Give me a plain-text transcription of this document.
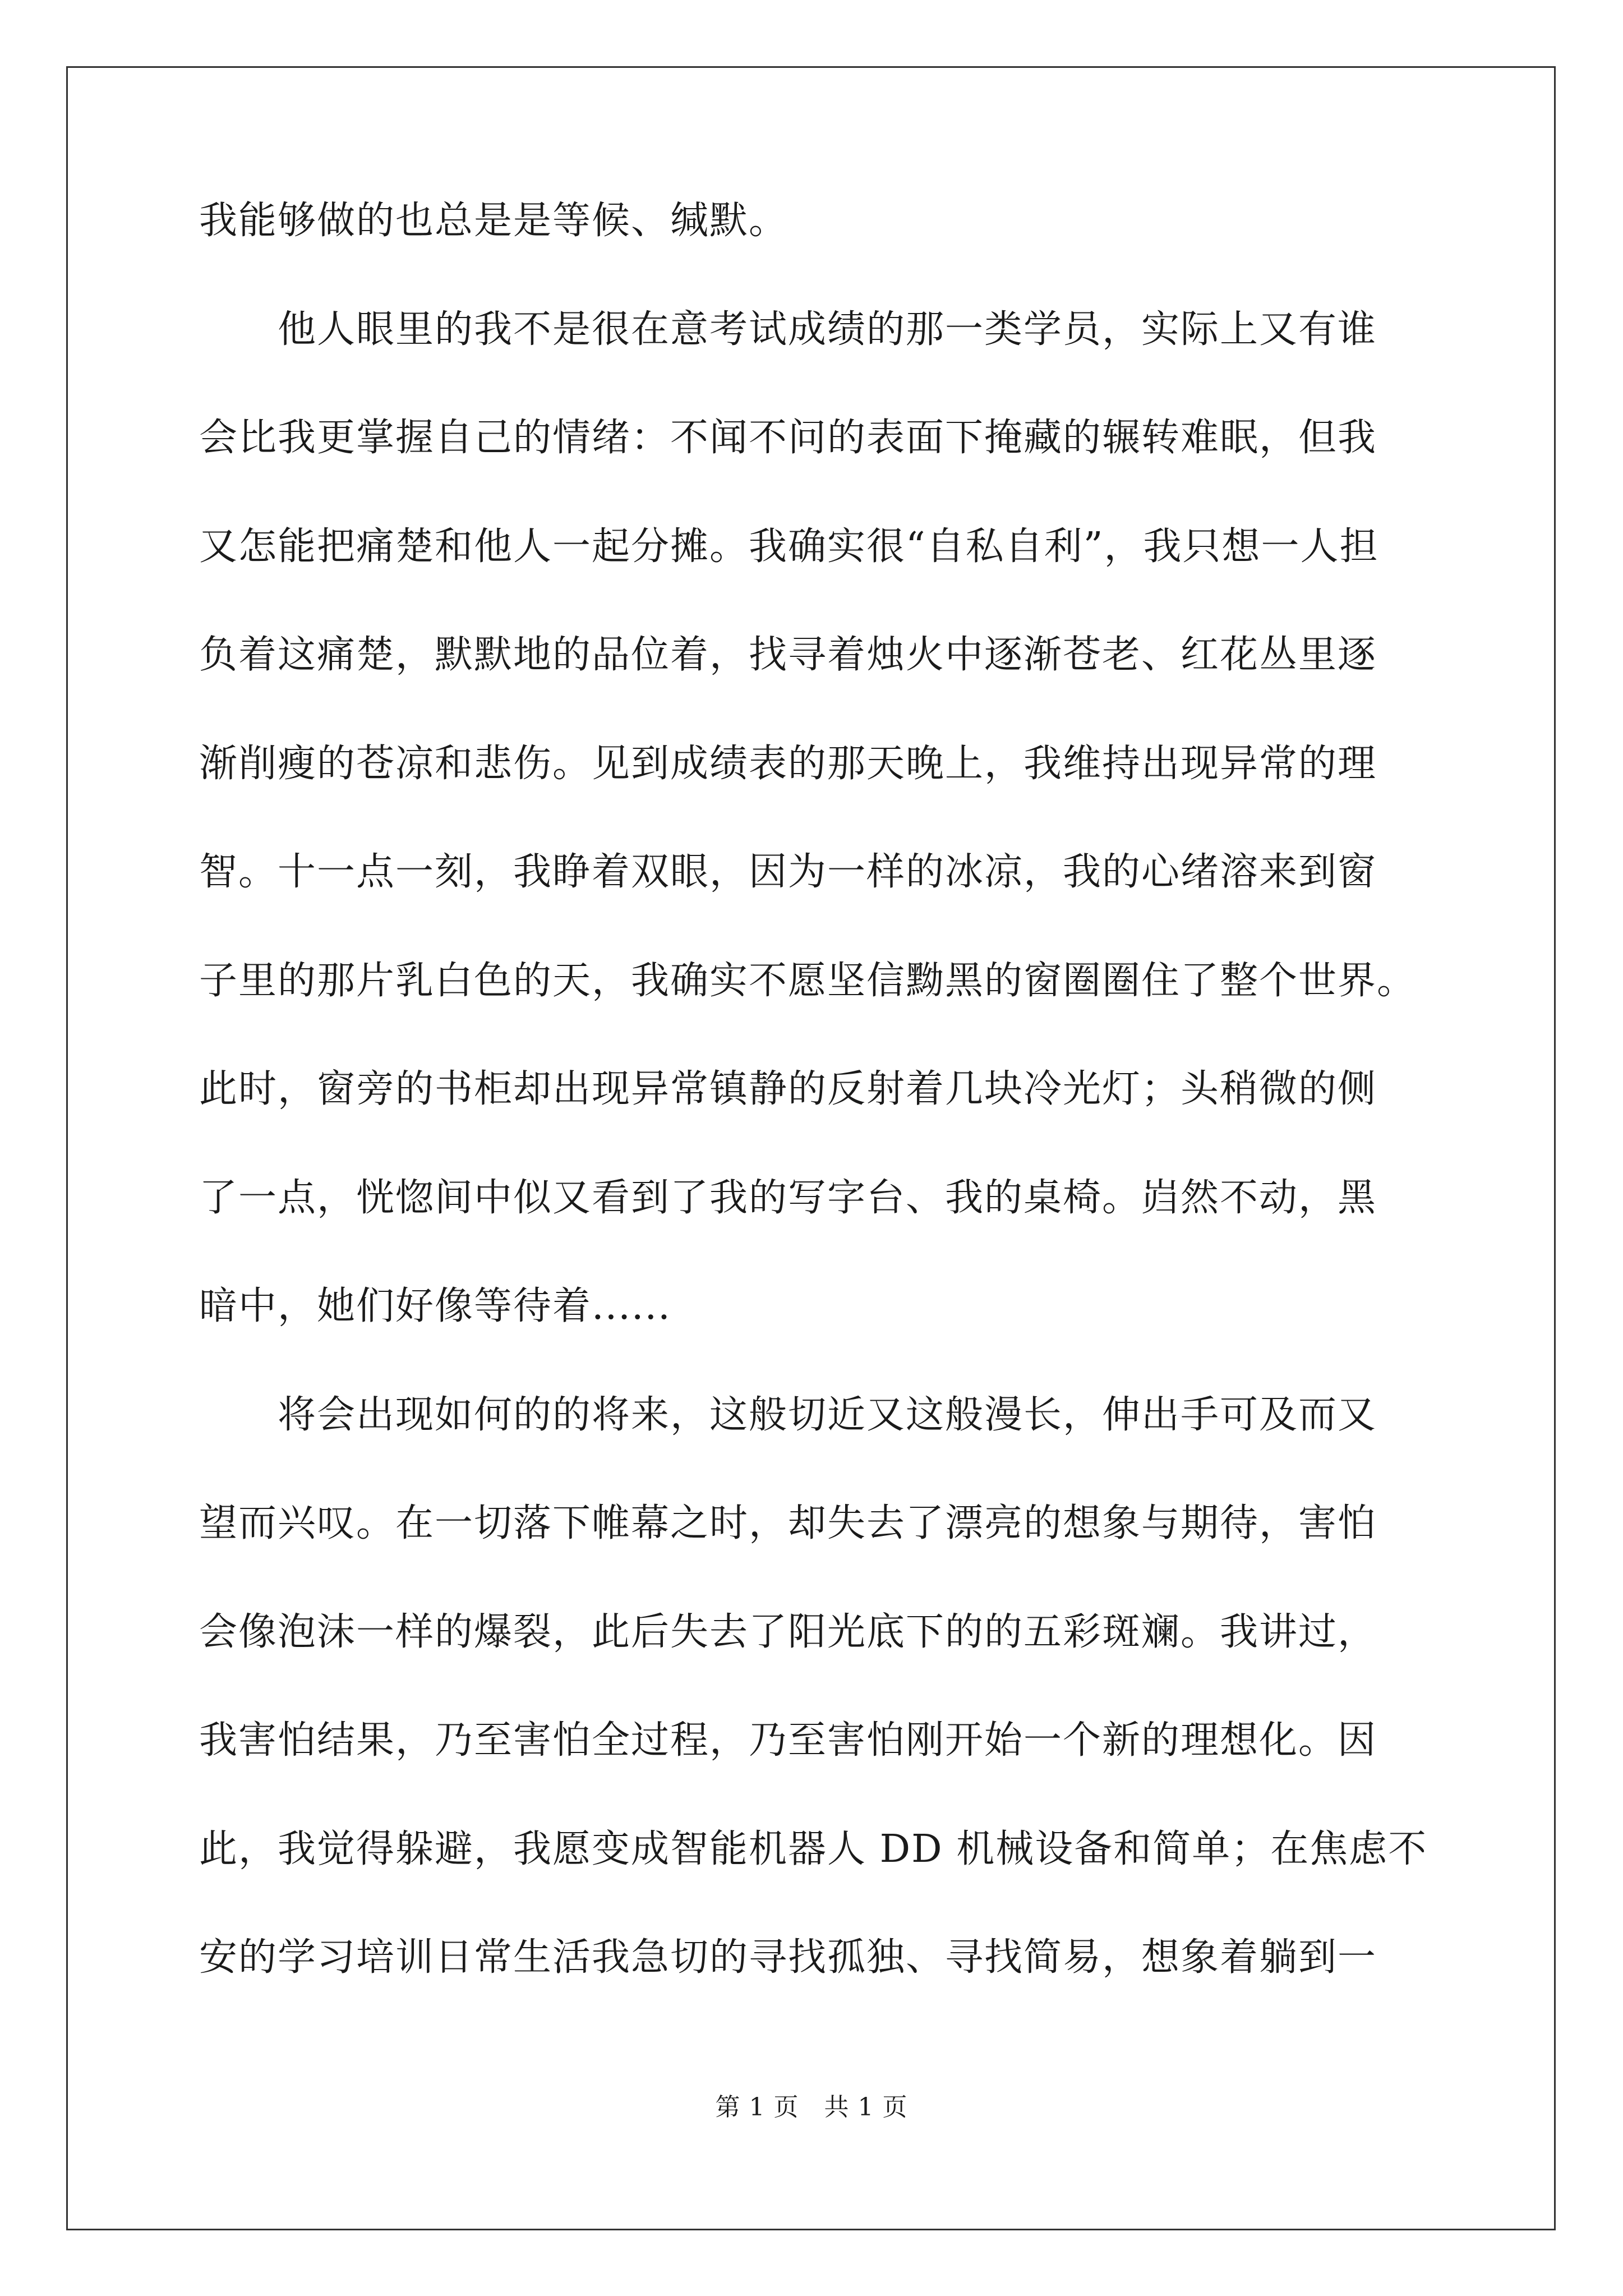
我能够做的也总是是等候、缄默。
　　他人眼里的我不是很在意考试成绩的那一类学员，实际上又有谁
会比我更掌握自己的情绪：不闻不问的表面下掩藏的辗转难眠，但我
又怎能把痛楚和他人一起分摊。我确实很“自私自利”，我只想一人担
负着这痛楚，默默地的品位着，找寻着烛火中逐渐苍老、红花丛里逐
渐削瘦的苍凉和悲伤。见到成绩表的那天晚上，我维持出现异常的理
智。十一点一刻，我睁着双眼，因为一样的冰凉，我的心绪溶来到窗
子里的那片乳白色的天，我确实不愿坚信黝黑的窗圈圈住了整个世界。
此时，窗旁的书柜却出现异常镇静的反射着几块冷光灯；头稍微的侧
了一点，恍惚间中似又看到了我的写字台、我的桌椅。岿然不动，黑
暗中，她们好像等待着......
　　将会出现如何的的将来，这般切近又这般漫长，伸出手可及而又
望而兴叹。在一切落下帷幕之时，却失去了漂亮的想象与期待，害怕
会像泡沫一样的爆裂，此后失去了阳光底下的的五彩斑斓。我讲过，
我害怕结果，乃至害怕全过程，乃至害怕刚开始一个新的理想化。因
此，我觉得躲避，我愿变成智能机器人 DD 机械设备和简单；在焦虑不
安的学习培训日常生活我急切的寻找孤独、寻找简易，想象着躺到一
第 1 页　共 1 页
